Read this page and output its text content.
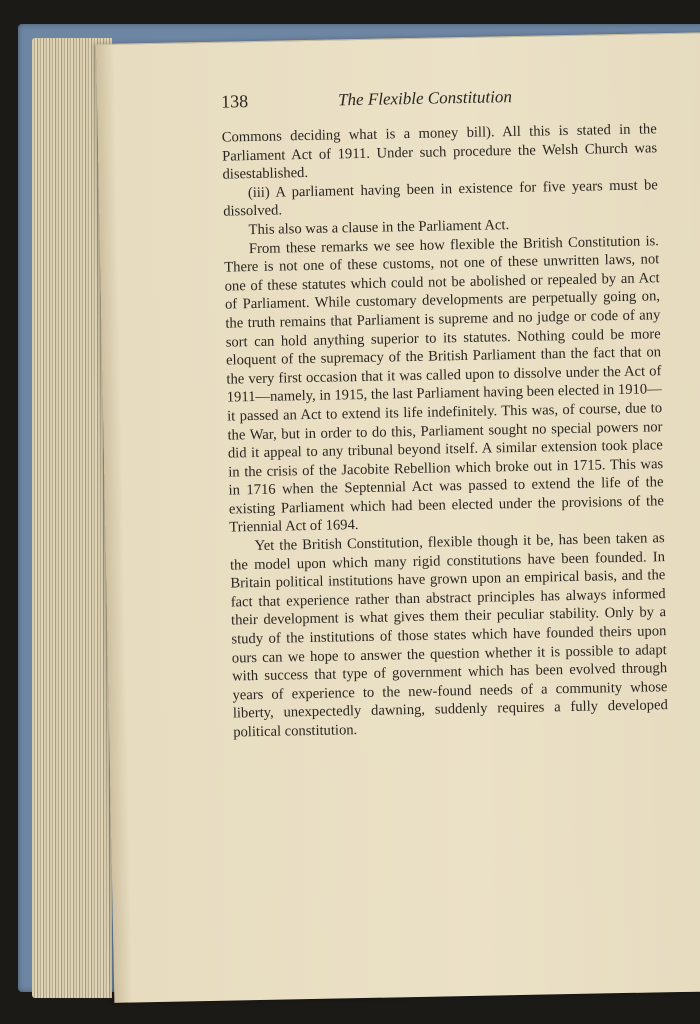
138	The Flexible Constitution

Commons deciding what is a money bill). All this is stated in the Parliament Act of 1911. Under such procedure the Welsh Church was disestablished.

(iii) A parliament having been in existence for five years must be dissolved.

This also was a clause in the Parliament Act.

From these remarks we see how flexible the British Constitution is. There is not one of these customs, not one of these unwritten laws, not one of these statutes which could not be abolished or repealed by an Act of Parliament. While customary developments are perpetually going on, the truth remains that Parliament is supreme and no judge or code of any sort can hold anything superior to its statutes. Nothing could be more eloquent of the supremacy of the British Parliament than the fact that on the very first occasion that it was called upon to dissolve under the Act of 1911—namely, in 1915, the last Parliament having been elected in 1910—it passed an Act to extend its life indefinitely. This was, of course, due to the War, but in order to do this, Parliament sought no special powers nor did it appeal to any tribunal beyond itself. A similar extension took place in the crisis of the Jacobite Rebellion which broke out in 1715. This was in 1716 when the Septennial Act was passed to extend the life of the existing Parliament which had been elected under the provisions of the Triennial Act of 1694.

Yet the British Constitution, flexible though it be, has been taken as the model upon which many rigid constitutions have been founded. In Britain political institutions have grown upon an empirical basis, and the fact that experience rather than abstract principles has always informed their development is what gives them their peculiar stability. Only by a study of the institutions of those states which have founded theirs upon ours can we hope to answer the question whether it is possible to adapt with success that type of government which has been evolved through years of experience to the new-found needs of a community whose liberty, unexpectedly dawning, suddenly requires a fully developed political constitution.
